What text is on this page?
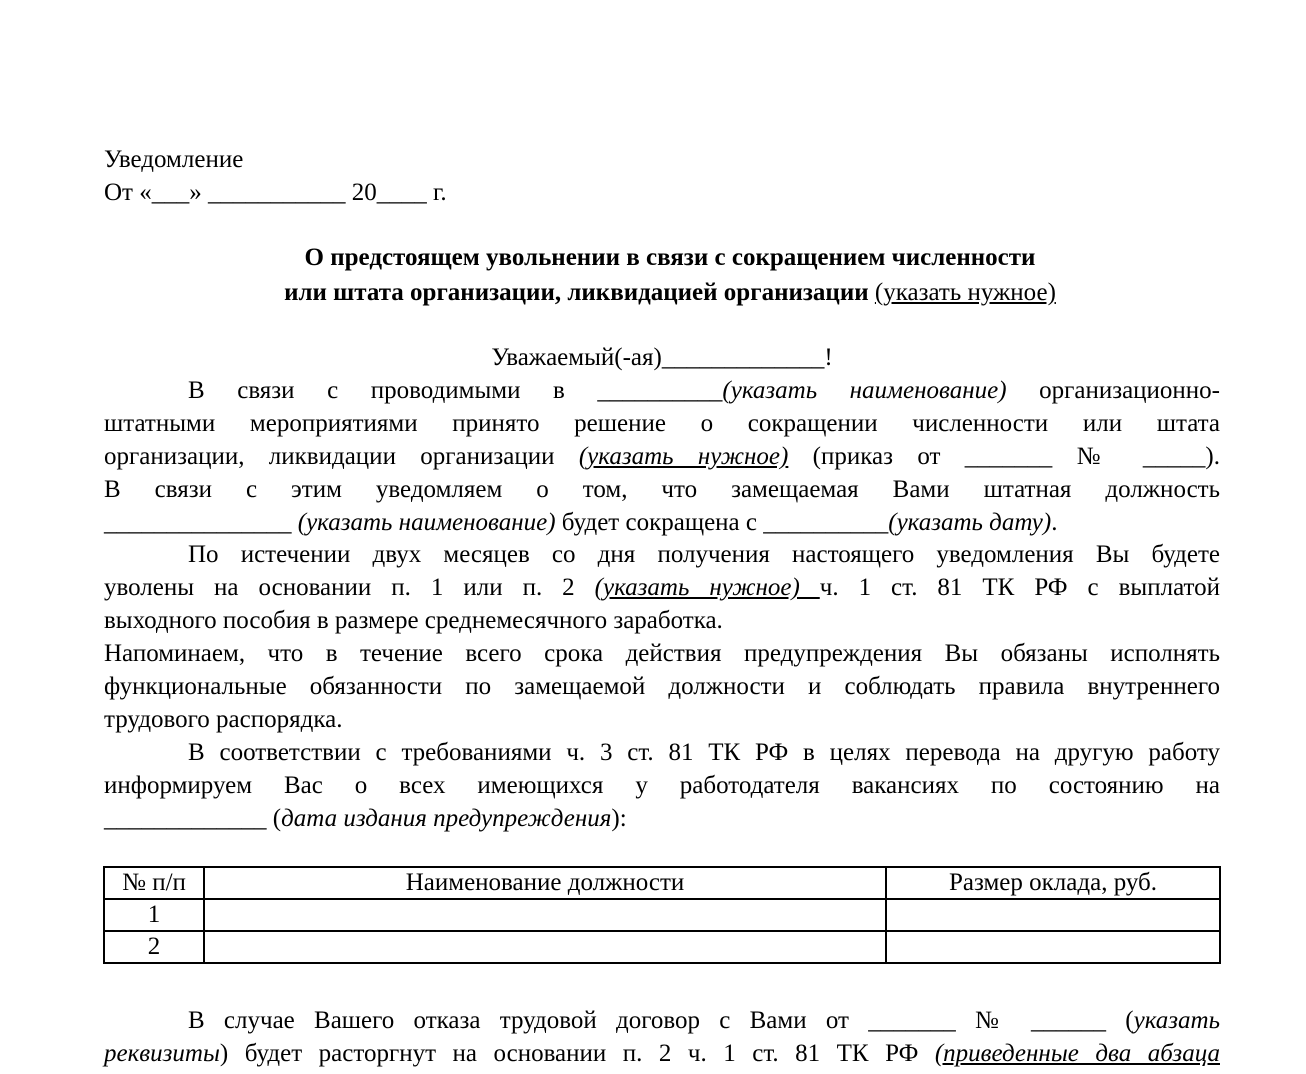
Уведомление
От «___» ___________ 20____ г.
О предстоящем увольнении в связи с сокращением численности
или штата организации, ликвидацией организации (указать нужное)
Уважаемый(-ая)_____________!
В связи с проводимыми в __________(указать наименование) организационно-
штатными мероприятиями принято решение о сокращении численности или штата
организации, ликвидации организации (указать нужное) (приказ от _______ № _____).
В связи с этим уведомляем о том, что замещаемая Вами штатная должность
_______________ (указать наименование) будет сокращена с __________(указать дату).
По истечении двух месяцев со дня получения настоящего уведомления Вы будете
уволены на основании п. 1 или п. 2 (указать нужное) ч. 1 ст. 81 ТК РФ с выплатой
выходного пособия в размере среднемесячного заработка.
Напоминаем, что в течение всего срока действия предупреждения Вы обязаны исполнять
функциональные обязанности по замещаемой должности и соблюдать правила внутреннего
трудового распорядка.
В соответствии с требованиями ч. 3 ст. 81 ТК РФ в целях перевода на другую работу
информируем Вас о всех имеющихся у работодателя вакансиях по состоянию на
_____________ (дата издания предупреждения):
№ п/п	Наименование должности	Размер оклада, руб.
1		
2		
В случае Вашего отказа трудовой договор с Вами от _______ № ______ (указать
реквизиты) будет расторгнут на основании п. 2 ч. 1 ст. 81 ТК РФ (приведенные два абзаца
